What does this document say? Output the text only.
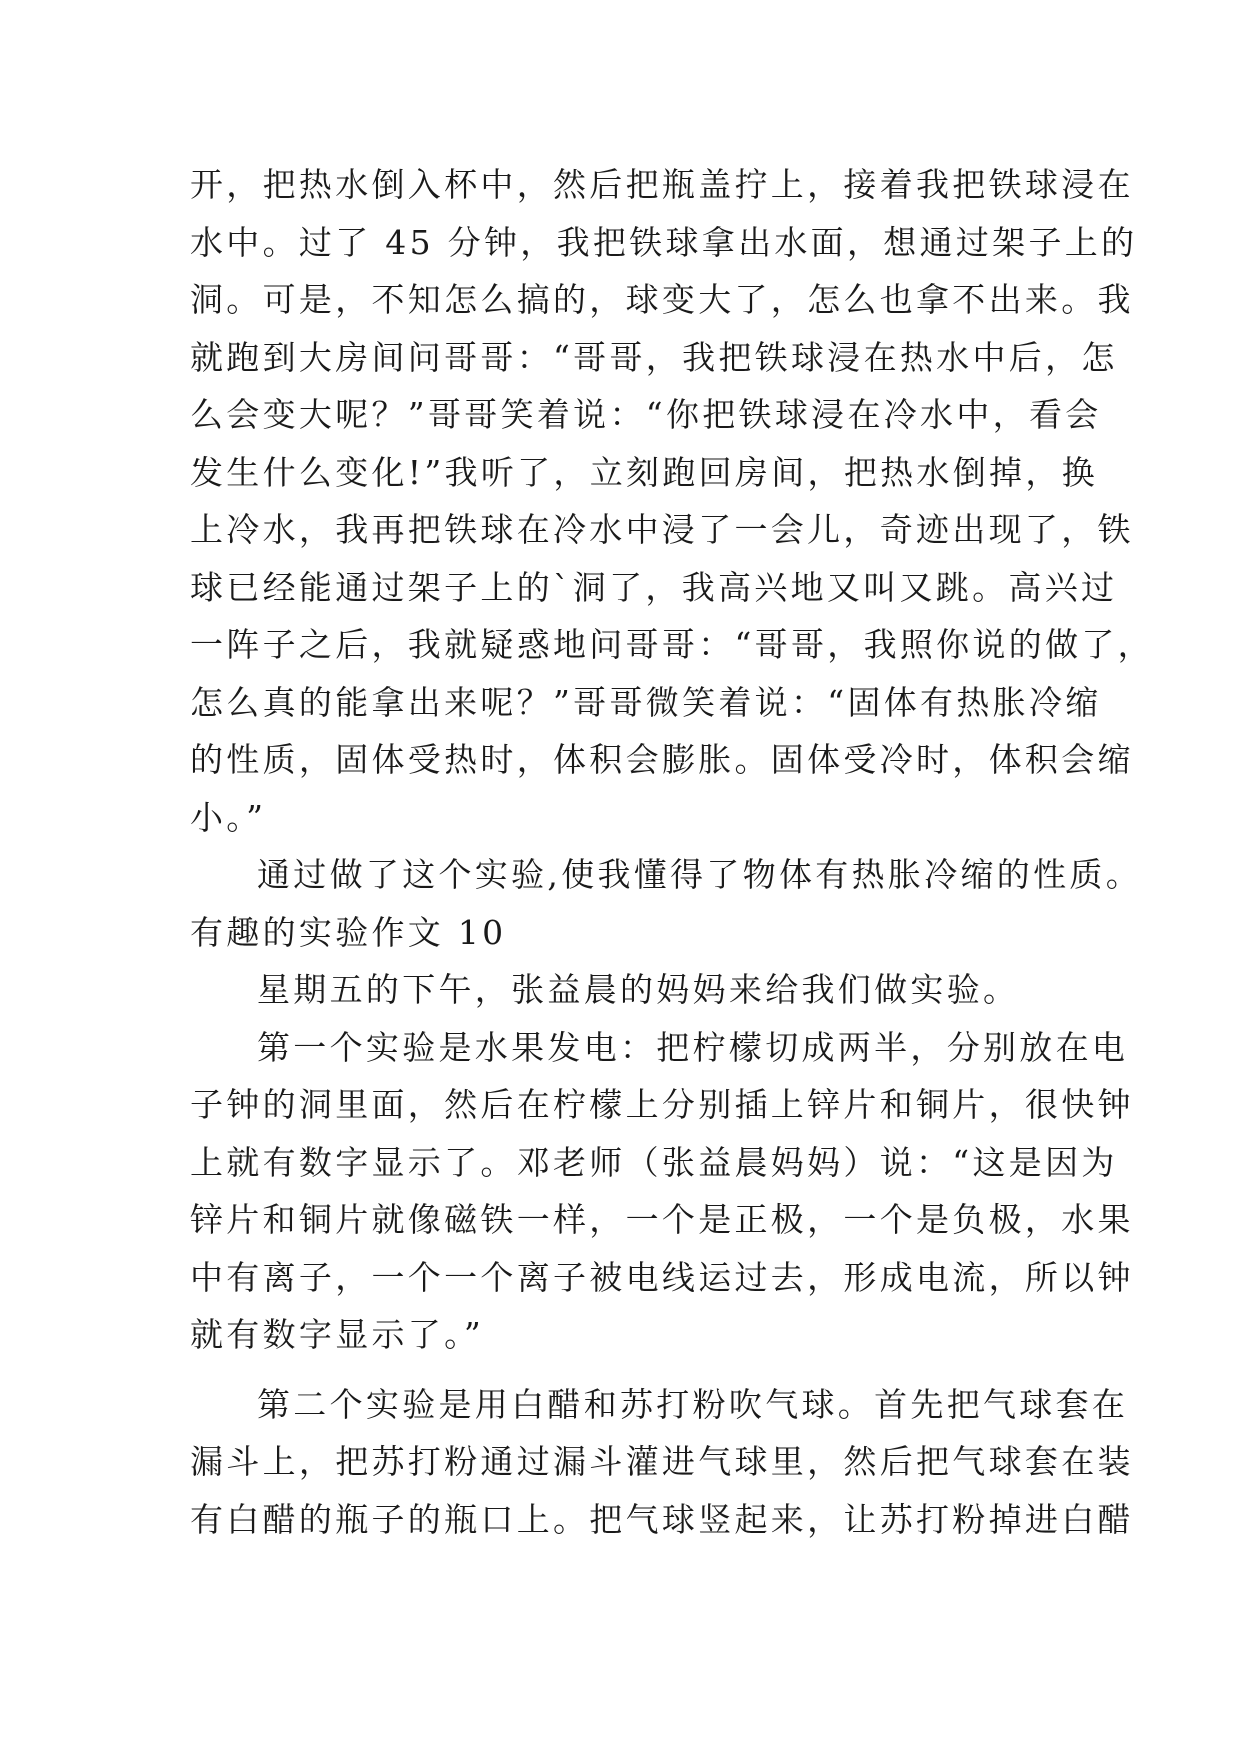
开，把热水倒入杯中，然后把瓶盖拧上，接着我把铁球浸在
水中。过了 45 分钟，我把铁球拿出水面，想通过架子上的
洞。可是，不知怎么搞的，球变大了，怎么也拿不出来。我
就跑到大房间问哥哥：“哥哥，我把铁球浸在热水中后，怎
么会变大呢？”哥哥笑着说：“你把铁球浸在冷水中，看会
发生什么变化!”我听了，立刻跑回房间，把热水倒掉，换
上冷水，我再把铁球在冷水中浸了一会儿，奇迹出现了，铁
球已经能通过架子上的`洞了，我高兴地又叫又跳。高兴过
一阵子之后，我就疑惑地问哥哥：“哥哥，我照你说的做了，
怎么真的能拿出来呢？”哥哥微笑着说：“固体有热胀冷缩
的性质，固体受热时，体积会膨胀。固体受冷时，体积会缩
小。”
通过做了这个实验,使我懂得了物体有热胀冷缩的性质。
有趣的实验作文 10
星期五的下午，张益晨的妈妈来给我们做实验。
第一个实验是水果发电：把柠檬切成两半，分别放在电
子钟的洞里面，然后在柠檬上分别插上锌片和铜片，很快钟
上就有数字显示了。邓老师（张益晨妈妈）说：“这是因为
锌片和铜片就像磁铁一样，一个是正极，一个是负极，水果
中有离子，一个一个离子被电线运过去，形成电流，所以钟
就有数字显示了。”
第二个实验是用白醋和苏打粉吹气球。首先把气球套在
漏斗上，把苏打粉通过漏斗灌进气球里，然后把气球套在装
有白醋的瓶子的瓶口上。把气球竖起来，让苏打粉掉进白醋
